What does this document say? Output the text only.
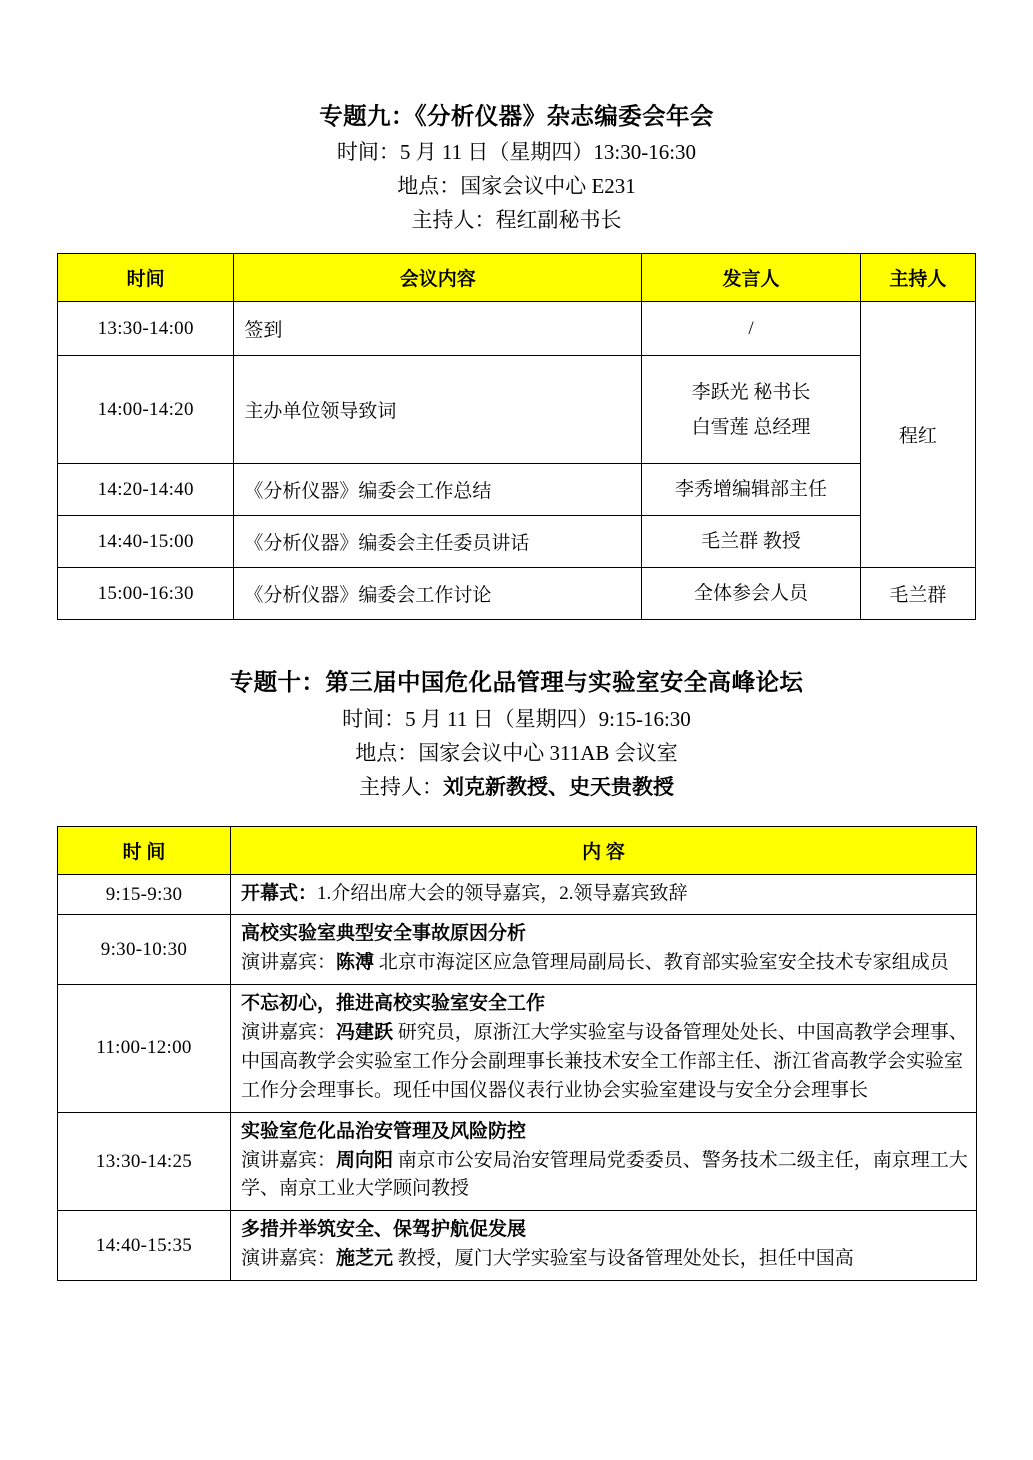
专题九：《分析仪器》杂志编委会年会
时间：5 月 11 日（星期四）13:30-16:30
地点：国家会议中心 E231
主持人：程红副秘书长
时间	会议内容	发言人	主持人
13:30-14:00	签到	/	程红
14:00-14:20	主办单位领导致词	李跃光 秘书长
白雪莲 总经理	

14:20-14:40	《分析仪器》编委会工作总结	李秀增编辑部主任	
14:40-15:00	《分析仪器》编委会主任委员讲话	毛兰群 教授	
15:00-16:30	《分析仪器》编委会工作讨论	全体参会人员	毛兰群
专题十：第三届中国危化品管理与实验室安全高峰论坛
时间：5 月 11 日（星期四）9:15-16:30
地点：国家会议中心 311AB 会议室
主持人：刘克新教授、史天贵教授
时 间	内 容
9:15-9:30	开幕式：1.介绍出席大会的领导嘉宾，2.领导嘉宾致辞
9:30-10:30	高校实验室典型安全事故原因分析
演讲嘉宾：陈溥 北京市海淀区应急管理局副局长、教育部实验室安全技术专家组成员

11:00-12:00	不忘初心，推进高校实验室安全工作
演讲嘉宾：冯建跃 研究员，原浙江大学实验室与设备管理处处长、中国高教学会理事、中国高教学会实验室工作分会副理事长兼技术安全工作部主任、浙江省高教学会实验室工作分会理事长。现任中国仪器仪表行业协会实验室建设与安全分会理事长

13:30-14:25	实验室危化品治安管理及风险防控
演讲嘉宾：周向阳 南京市公安局治安管理局党委委员、警务技术二级主任，南京理工大学、南京工业大学顾问教授

14:40-15:35	多措并举筑安全、保驾护航促发展
演讲嘉宾：施芝元 教授，厦门大学实验室与设备管理处处长，担任中国高
